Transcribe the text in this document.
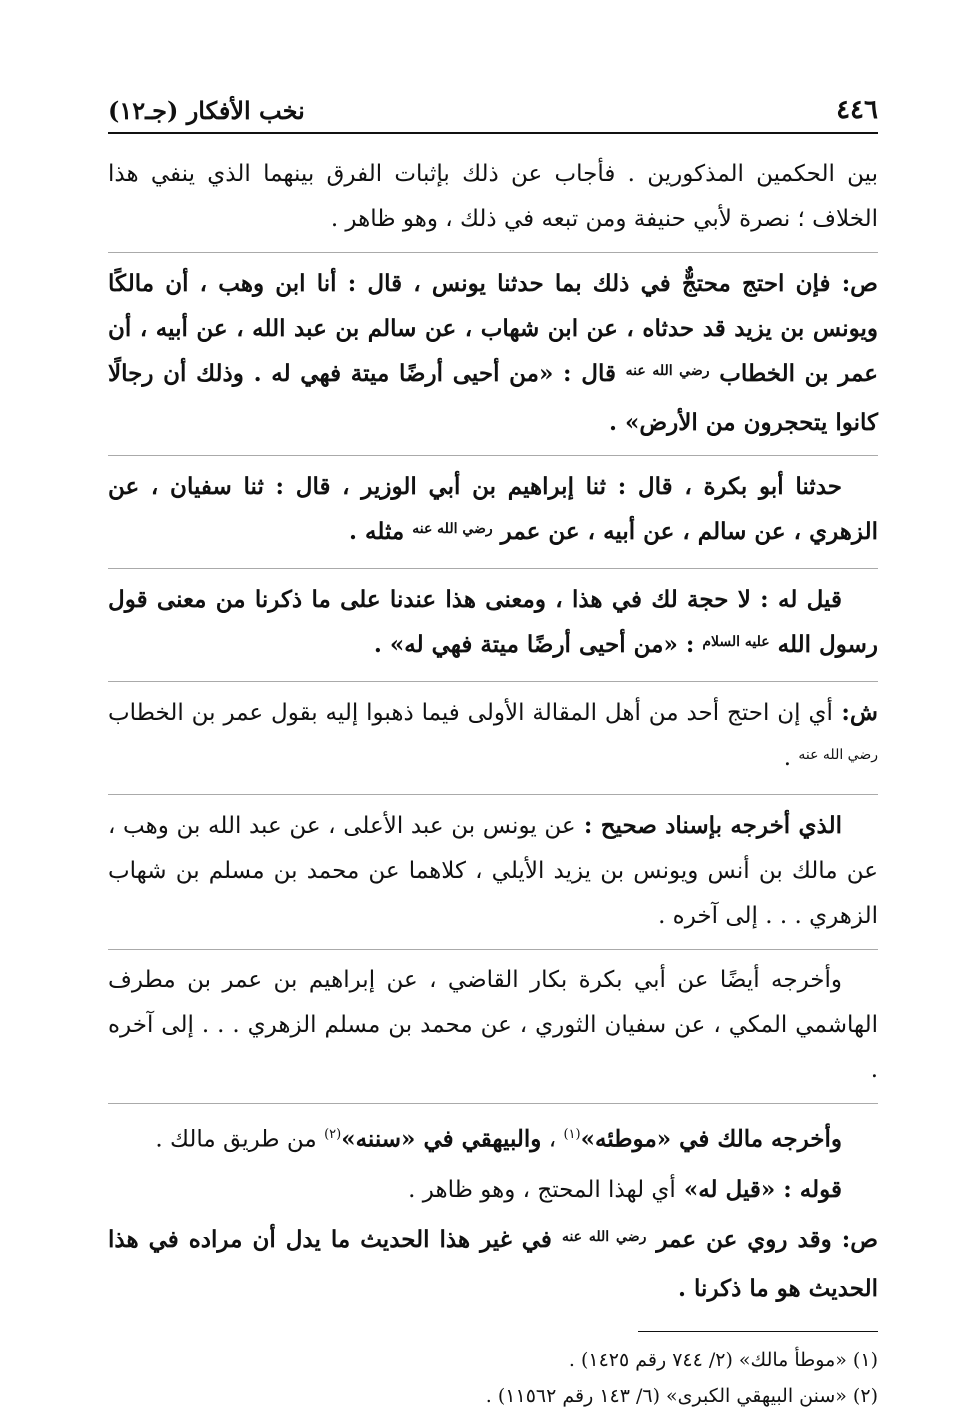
٤٤٦
نخب الأفكار (جـ١٢)

بين الحكمين المذكورين . فأجاب عن ذلك بإثبات الفرق بينهما الذي ينفي هذا الخلاف ؛ نصرة لأبي حنيفة ومن تبعه في ذلك ، وهو ظاهر .

ص: فإن احتج محتجٌّ في ذلك بما حدثنا يونس ، قال : أنا ابن وهب ، أن مالكًا ويونس بن يزيد قد حدثاه ، عن ابن شهاب ، عن سالم بن عبد الله ، عن أبيه ، أن عمر بن الخطاب $^{رضي الله عنه}$ قال : «من أحيى أرضًا ميتة فهي له . وذلك أن رجالًا كانوا يتحجرون من الأرض» .

حدثنا أبو بكرة ، قال : ثنا إبراهيم بن أبي الوزير ، قال : ثنا سفيان ، عن الزهري ، عن سالم ، عن أبيه ، عن عمر $^{رضي الله عنه}$ مثله .

قيل له : لا حجة لك في هذا ، ومعنى هذا عندنا على ما ذكرنا من معنى قول رسول الله $^{عليه السلام}$ : «من أحيى أرضًا ميتة فهي له» .

ش: أي إن احتج أحد من أهل المقالة الأولى فيما ذهبوا إليه بقول عمر بن الخطاب $^{رضي الله عنه}$ .

الذي أخرجه بإسناد صحيح : عن يونس بن عبد الأعلى ، عن عبد الله بن وهب ، عن مالك بن أنس ويونس بن يزيد الأيلي ، كلاهما عن محمد بن مسلم بن شهاب الزهري . . . إلى آخره .

وأخرجه أيضًا عن أبي بكرة بكار القاضي ، عن إبراهيم بن عمر بن مطرف الهاشمي المكي ، عن سفيان الثوري ، عن محمد بن مسلم الزهري . . . إلى آخره .

وأخرجه مالك في «موطئه»$^{(١)}$ ، والبيهقي في «سننه»$^{(٢)}$ من طريق مالك .

قوله : «قيل له» أي لهذا المحتج ، وهو ظاهر .

ص: وقد روي عن عمر $^{رضي الله عنه}$ في غير هذا الحديث ما يدل أن مراده في هذا الحديث هو ما ذكرنا .

(١) «موطأ مالك» (٢/ ٧٤٤ رقم ١٤٢٥) .

(٢) «سنن البيهقي الكبرى» (٦/ ١٤٣ رقم ١١٥٦٢) .
